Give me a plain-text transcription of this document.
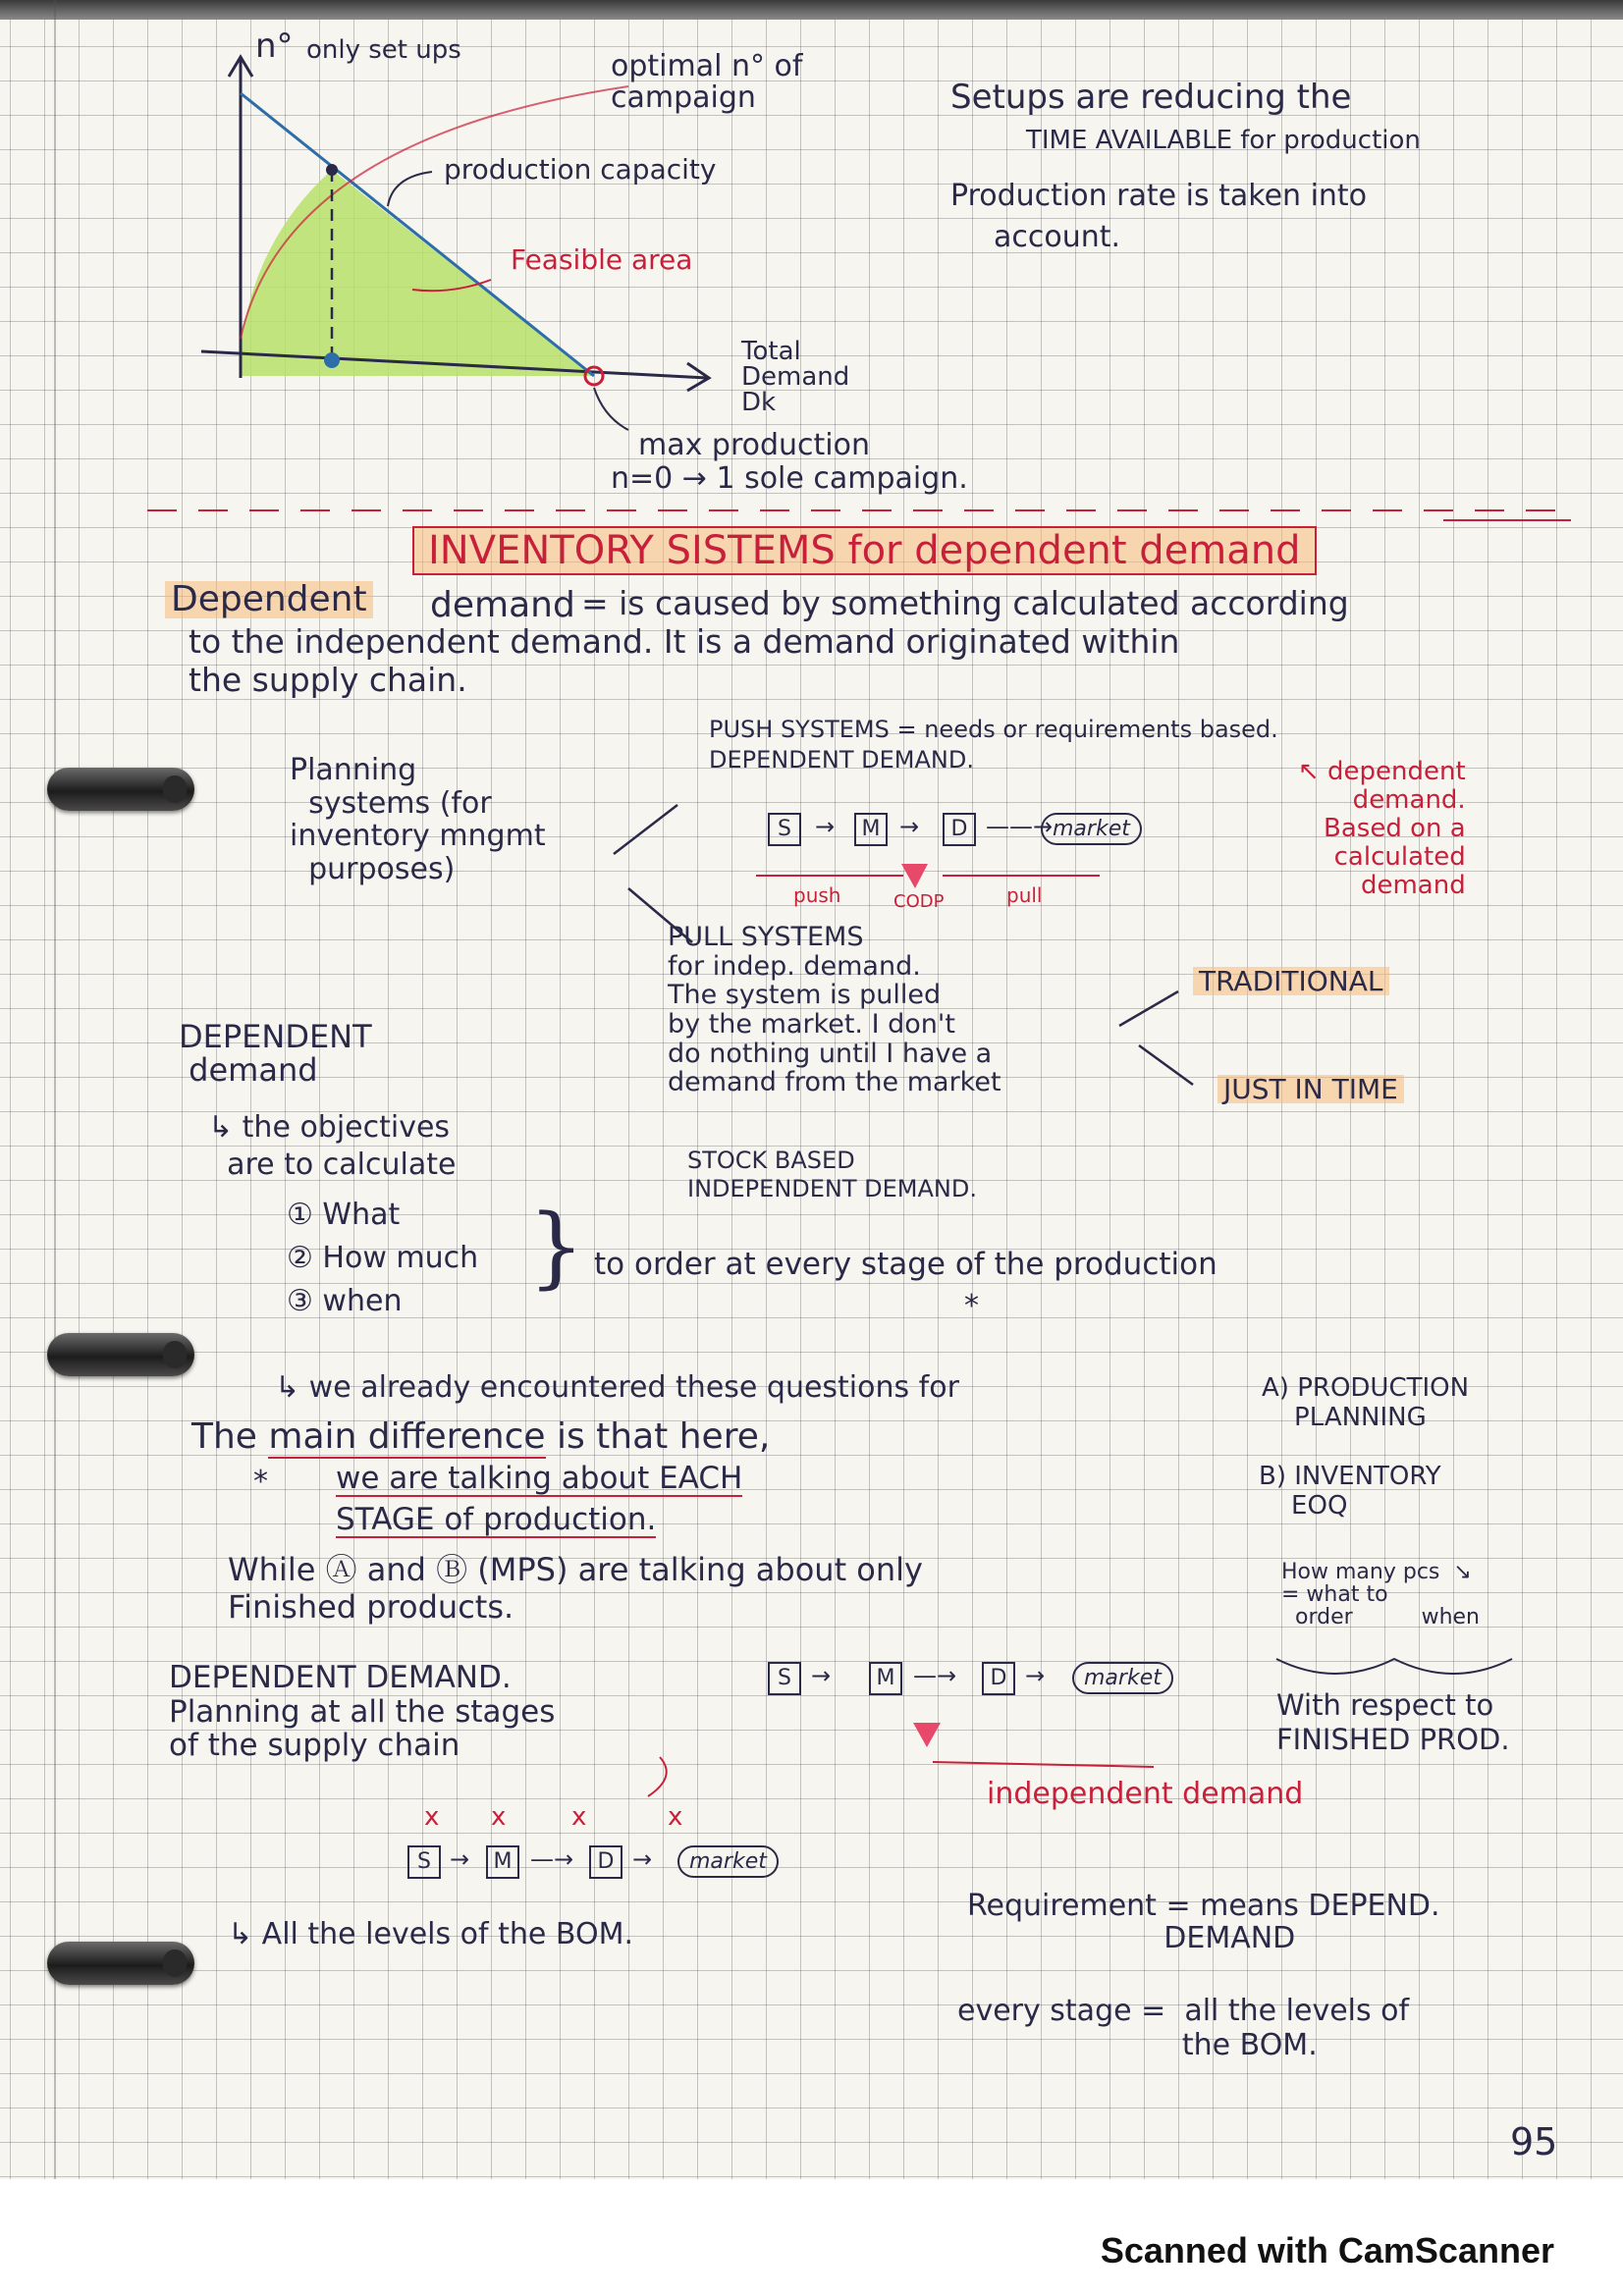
n° only set ups	optimal n° of
campaign
production capacity
Feasible area
Total
Demand
Dk
max production
n=0 → 1 sole campaign.
Setups are reducing the
TIME AVAILABLE for production
Production rate is taken into
account.
INVENTORY SISTEMS for dependent demand
Dependent demand = is caused by something calculated according
to the independent demand. It is a demand originated within
the supply chain.
Planning
systems (for
inventory mngmt
purposes)
PUSH SYSTEMS = needs or requirements based.
DEPENDENT DEMAND.	↖ dependent
demand.
Based on a
calculated
demand
S	→	M →	D ——→ market
push	CODP	pull
PULL SYSTEMS
for indep. demand.
The system is pulled
by the market. I don't
do nothing until I have a
demand from the market
STOCK BASED
INDEPENDENT DEMAND.
TRADITIONAL
JUST IN TIME
DEPENDENT
demand
↳ the objectives
are to calculate
① What
② How much
③ when
} to order at every stage of the production
*
↳ we already encountered these questions for	A) PRODUCTION
PLANNING
B) INVENTORY
EOQ
The main difference is that here,
* we are talking about EACH
STAGE of production.
How many pcs  ↘
= what to
order          when
With respect to
FINISHED PROD.
While Ⓐ and Ⓑ (MPS) are talking about only
Finished products.
DEPENDENT DEMAND.
Planning at all the stages
of the supply chain
S →	M —→	D →	market
independent demand
x x	x	x
S →	M —→	D →	market
↳ All the levels of the BOM.
Requirement = means DEPEND.
DEMAND
every stage =  all the levels of
the BOM.
95
Scanned with CamScanner
